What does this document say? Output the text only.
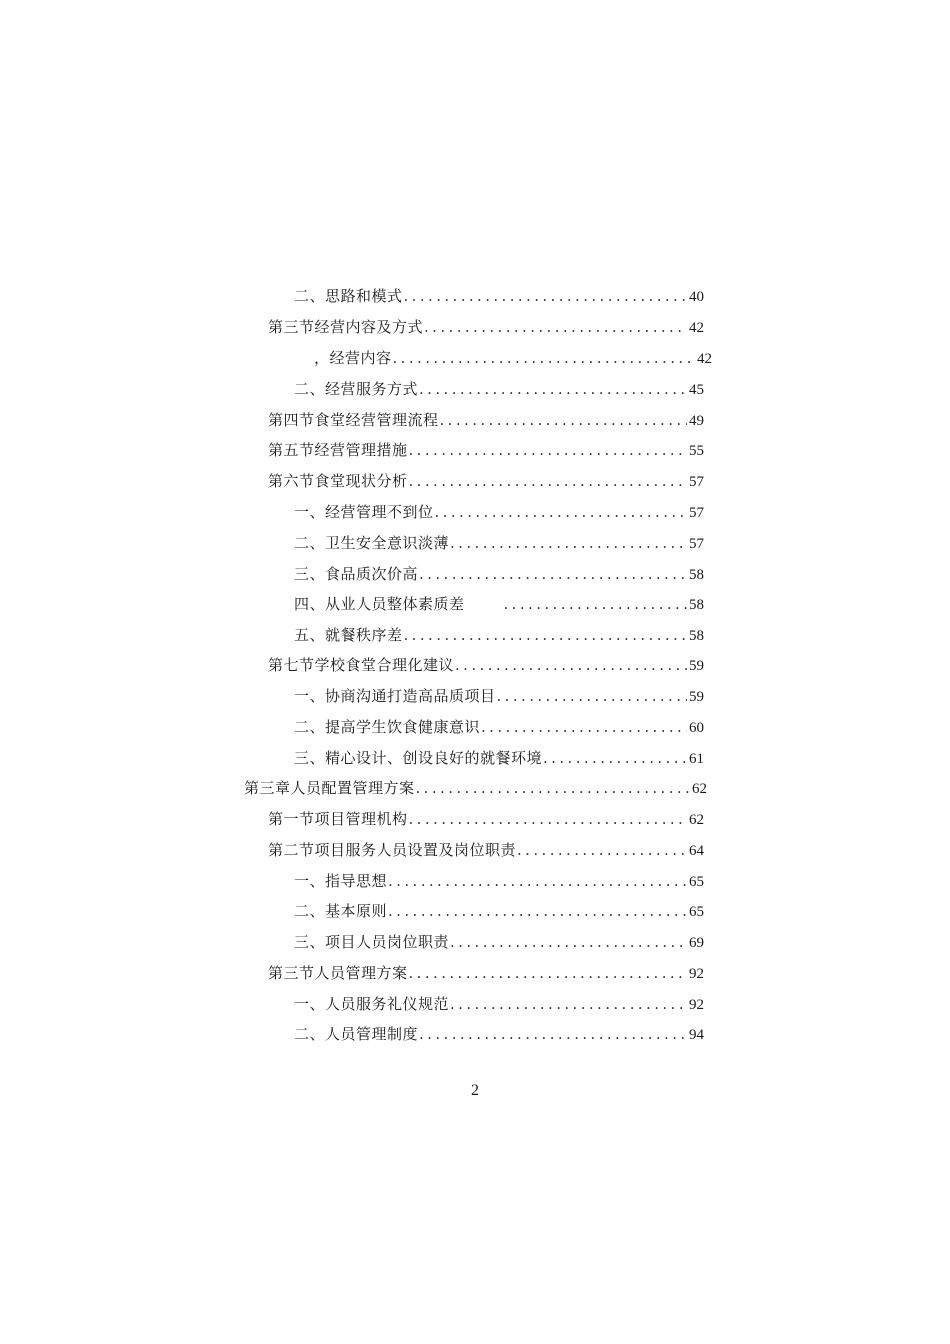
二、思路和模式 .....	40
第三节经营内容及方式 .....	42
，经营内容 .....	42
二、经营服务方式 .....	45
第四节食堂经营管理流程 .....	49
第五节经营管理措施 .....	55
第六节食堂现状分析 .....	57
一、经营管理不到位 .....	57
二、卫生安全意识淡薄 .....	57
三、食品质次价高 .....	58
四、从业人员整体素质差 .....	58
五、就餐秩序差 .....	58
第七节学校食堂合理化建议 .....	59
一、协商沟通打造高品质项目 .....	59
二、提高学生饮食健康意识 .....	60
三、精心设计、创设良好的就餐环境 .....	61
第三章人员配置管理方案 .....	62
第一节项目管理机构 .....	62
第二节项目服务人员设置及岗位职责 .....	64
一、指导思想 .....	65
二、基本原则 .....	65
三、项目人员岗位职责 .....	69
第三节人员管理方案 .....	92
一、人员服务礼仪规范 .....	92
二、人员管理制度 .....	94
2
